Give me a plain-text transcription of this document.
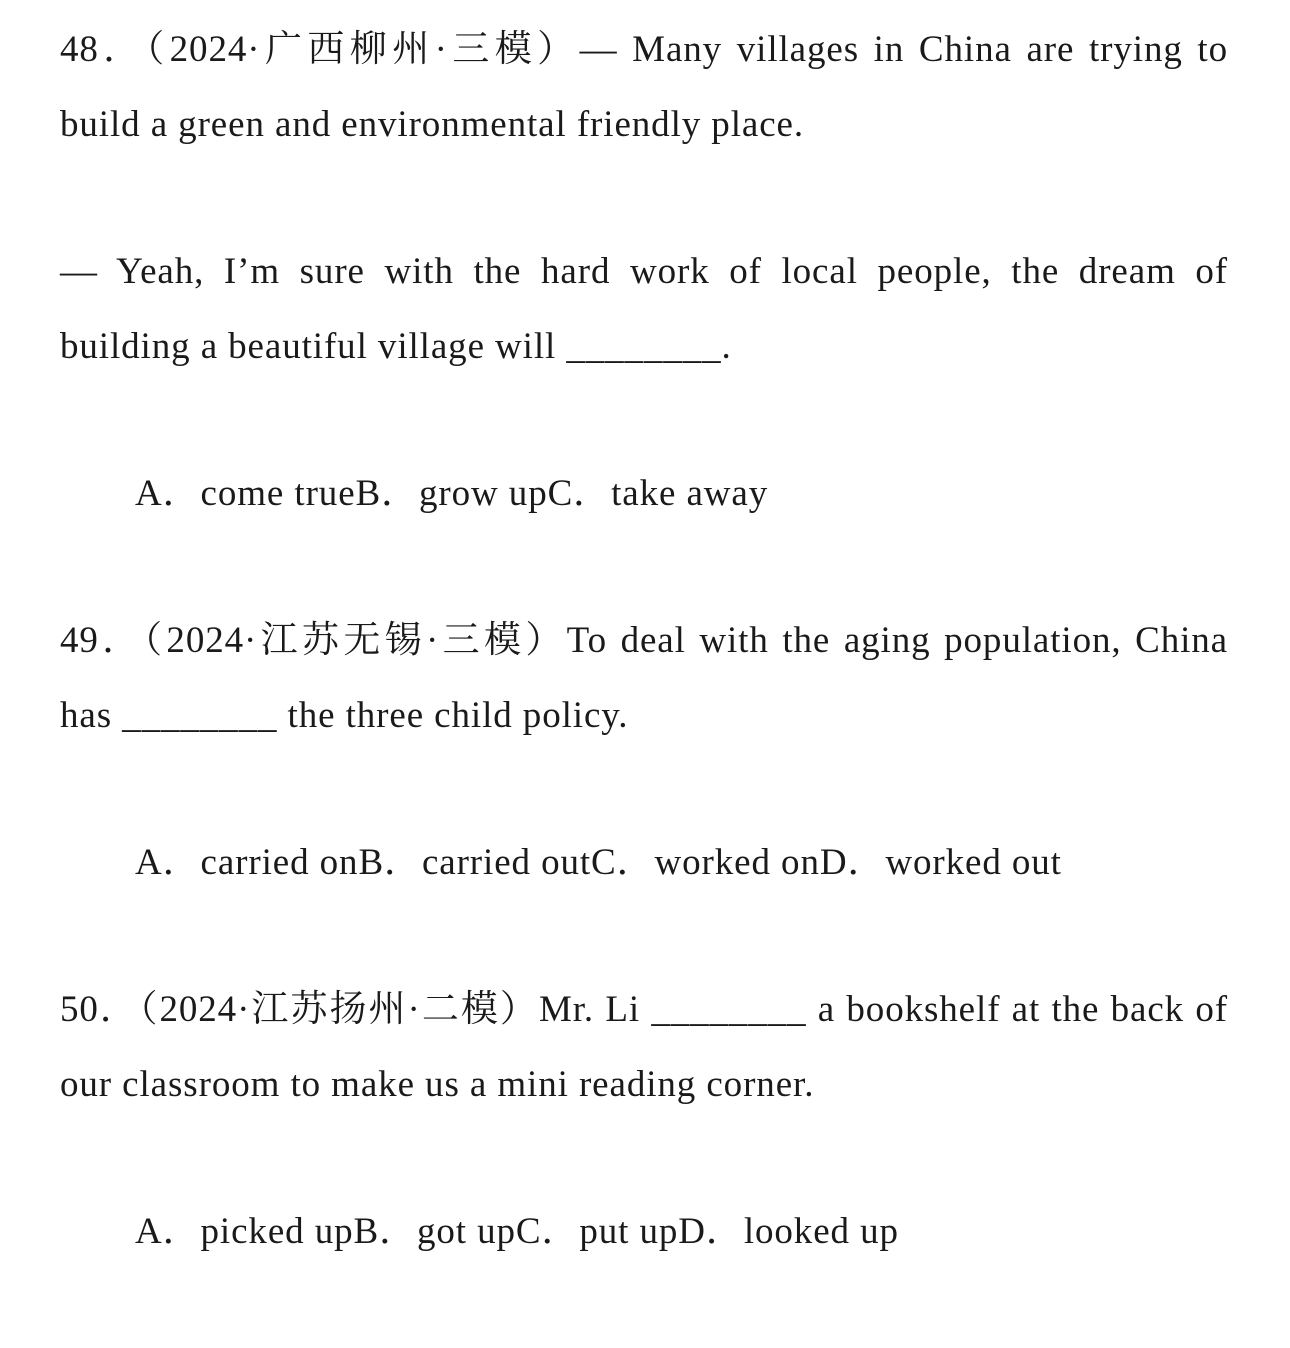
48．（2024·广西柳州·三模）— Many villages in China are trying to build a green and environmental friendly place.

— Yeah, I’m sure with the hard work of local people, the dream of building a beautiful village will ________.

A．come trueB．grow upC．take away

49．（2024·江苏无锡·三模）To deal with the aging population, China has ________ the three child policy.

A．carried onB．carried outC．worked onD．worked out

50．（2024·江苏扬州·二模）Mr. Li ________ a bookshelf at the back of our classroom to make us a mini reading corner.

A．picked upB．got upC．put upD．looked up
